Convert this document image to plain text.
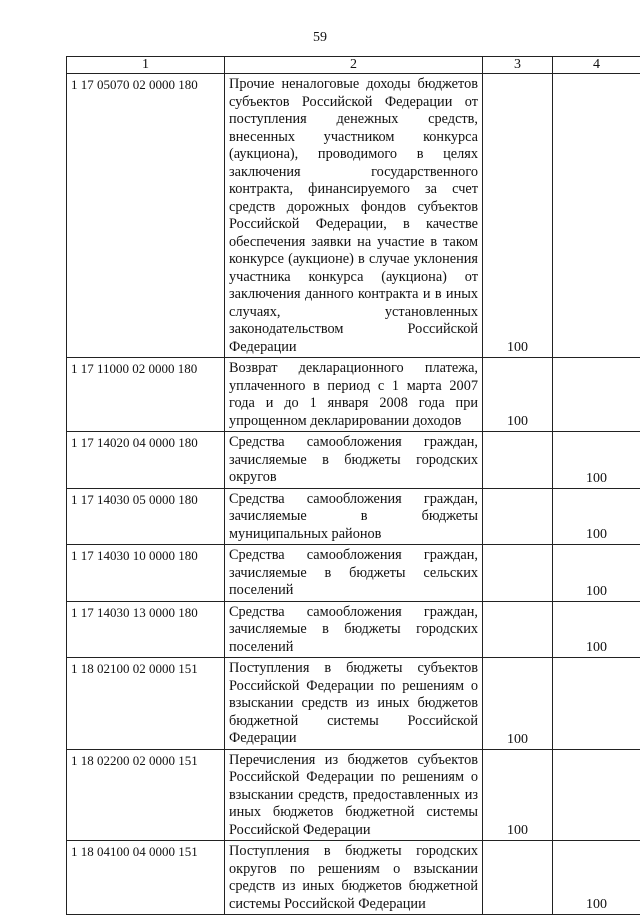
59
1	2	3	4
1 17 05070 02 0000 180	Прочие неналоговые доходы бюджетов субъектов Российской Федерации от поступления денежных средств, внесенных участником конкурса (аукциона), проводимого в целях заключения государственного контракта, финансируемого за счет средств дорожных фондов субъектов Российской Федерации, в качестве обеспечения заявки на участие в таком конкурсе (аукционе) в случае уклонения участника конкурса (аукциона) от заключения данного контракта и в иных случаях, установленных законодательством Российской Федерации	100	
1 17 11000 02 0000 180	Возврат декларационного платежа, уплаченного в период с 1 марта 2007 года и до 1 января 2008 года при упрощенном декларировании доходов	100	
1 17 14020 04 0000 180	Средства самообложения граждан, зачисляемые в бюджеты городских округов		100
1 17 14030 05 0000 180	Средства самообложения граждан, зачисляемые в бюджеты муниципальных районов		100
1 17 14030 10 0000 180	Средства самообложения граждан, зачисляемые в бюджеты сельских поселений		100
1 17 14030 13 0000 180	Средства самообложения граждан, зачисляемые в бюджеты городских поселений		100
1 18 02100 02 0000 151	Поступления в бюджеты субъектов Российской Федерации по решениям о взыскании средств из иных бюджетов бюджетной системы Российской Федерации	100	
1 18 02200 02 0000 151	Перечисления из бюджетов субъектов Российской Федерации по решениям о взыскании средств, предоставленных из иных бюджетов бюджетной системы Российской Федерации	100	
1 18 04100 04 0000 151	Поступления в бюджеты городских округов по решениям о взыскании средств из иных бюджетов бюджетной системы Российской Федерации		100
